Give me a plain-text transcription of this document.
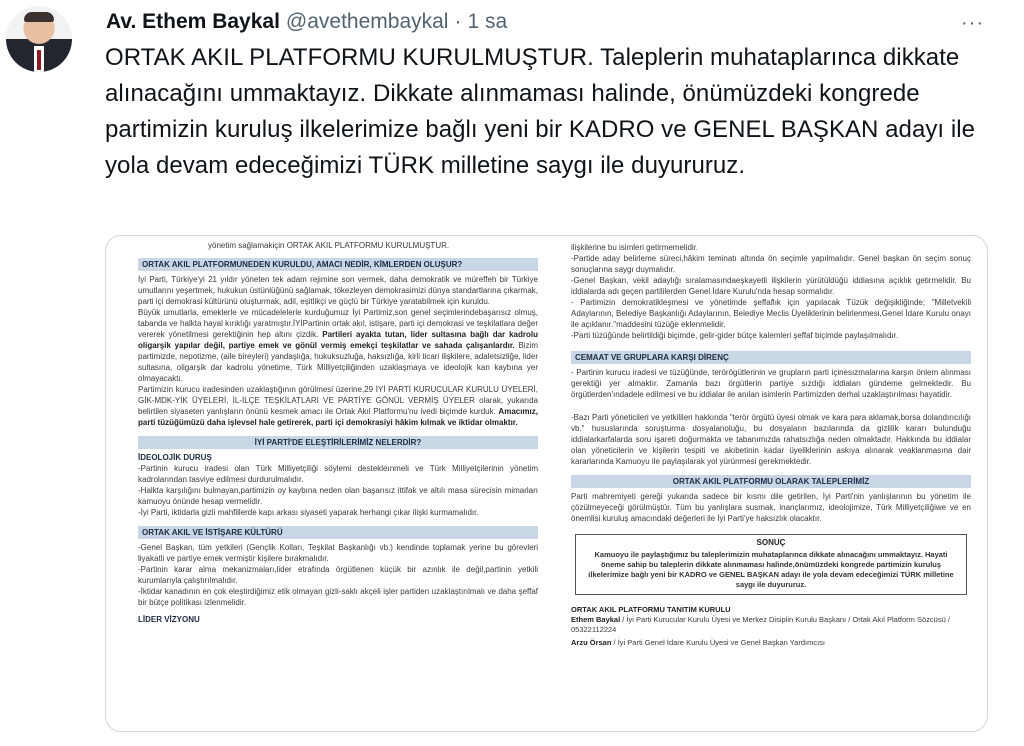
Av. Ethem Baykal @avethembaykal · 1 sa	···
ORTAK AKIL PLATFORMU KURULMUŞTUR. Taleplerin muhataplarınca dikkate alınacağını ummaktayız. Dikkate alınmaması halinde, önümüzdeki kongrede partimizin kuruluş ilkelerimize bağlı yeni bir KADRO ve GENEL BAŞKAN adayı ile yola devam edeceğimizi TÜRK milletine saygı ile duyururuz.

yönetim sağlamakiçin ORTAK AKIL PLATFORMU KURULMUŞTUR.

ORTAK AKIL PLATFORMUNEDEN KURULDU, AMACI NEDİR, KİMLERDEN OLUŞUR?

İyi Parti, Türkiye'yi 21 yıldır yöneten tek adam rejimine son vermek, daha demokratik ve müreffeh bir Türkiye umutlarını yeşertmek, hukukun üstünlüğünü sağlamak, tökezleyen demokrasimizi dünya standartlarına çıkarmak, parti içi demokrasi kültürünü oluşturmak, adil, eşitlikçi ve güçlü bir Türkiye yaratabilmek için kuruldu.

Büyük umutlarla, emeklerle ve mücadelelerle kurduğumuz İyi Partimiz,son genel seçimlerindebaşarısız olmuş, tabanda ve halkta hayal kırıklığı yaratmıştır.İYİPartinin ortak akıl, istişare, parti içi demokrasi ve teşkilatlara değer vererek yönetilmesi gerektiğinin hep altını çizdik. Partileri ayakta tutan, lider sultasına bağlı dar kadrolu oligarşik yapılar değil, partiye emek ve gönül vermiş emekçi teşkilatlar ve sahada çalışanlardır. Bizim partimizde, nepotizme, (aile bireyleri) yandaşlığa, hukuksuzluğa, haksızlığa, kirli ticari ilişkilere, adaletsizliğe, lider sultasına, oligarşik dar kadrolu yönetime, Türk Milliyetçiliğinden uzaklaşmaya ve ideolojik kan kaybına yer olmayacaktı.

Partimizin kurucu iradesinden uzaklaştığının görülmesi üzerine,29 İYİ PARTİ KURUCULAR KURULU ÜYELERİ, GİK-MDK-YİK ÜYELERİ, İL-İLÇE TEŞKİLATLARI VE PARTİYE GÖNÜL VERMİŞ ÜYELER olarak, yukarıda belirtilen siyaseten yanlışların önünü kesmek amacı ile Ortak Akıl Platformu'nu ivedi biçimde kurduk. Amacımız, parti tüzüğümüzü daha işlevsel hale getirerek, parti içi demokrasiyi hâkim kılmak ve iktidar olmaktır.

İYİ PARTİ'DE ELEŞTİRİLERİMİZ NELERDİR?
İDEOLOJİK DURUŞ

-Partinin kurucu iradesi olan Türk Milliyetçiliği söylemi destekleınmeli ve Türk Milliyetçilerinin yönetim kadrolarından tasviye edilmesi durdurulmalıdır.

-Halkta karşılığını bulmayan,partimizin oy kaybına neden olan başarısız ittifak ve altılı masa sürecisin mimarları kamuoyu önünde hesap vermelidir.

-İyi Parti, iktidarla gizli mahfillerde kapı arkası siyaseti yaparak herhangi çıkar ilişki kurmamalıdır.

ORTAK AKIL VE İSTİŞARE KÜLTÜRÜ

-Genel Başkan, tüm yetkileri (Gençlik Kolları, Teşkilat Başkanlığı vb.) kendinde toplamak yerine bu görevleri liyakatli ve partiye emek vermiştir kişilere bırakmalıdır.

-Partinin karar alma mekanizmaları,lider etrafında örgütlenen küçük bir azınlık ile değil,partinin yetkili kurumlarıyla çalıştırılmalıdır.

-İktidar kanadının en çok eleştirdiğimiz etik olmayan gizli-saklı akçeli işler partiden uzaklaştırılmalı ve daha şeffaf bir bütçe politikası izlenmelidir.

LİDER VİZYONU

ilişkilerine bu isimleri getirmemelidir.

-Partide aday belirleme süreci,hâkim teminatı altında ön seçimle yapılmalıdır. Genel başkan ön seçim sonuç sonuçlarına saygı duymalıdır.

-Genel Başkan, vekil adaylığı sıralamasındaeşkayetli ilişkilerin yürütüldüğü iddiasına açıklık getirmelidir. Bu iddialarda adı geçen partililerden Genel İdare Kurulu'nda hesap sormalıdır.

- Partimizin demokratikleşmesi ve yönetimde şeffaflık için yapılacak Tüzük değişikliğinde; "Milletvekili Adaylarının, Belediye Başkanlığı Adaylarının, Belediye Meclis Üyeliklerinin belirlenmesi,Genel İdare Kurulu onayı ile açıklanır."maddesini tüzüğe eklenmelidir.

-Parti tüzüğünde belirtildiği biçimde, gelir-gider bütçe kalemleri şeffaf biçimde paylaşılmalıdır.

CEMAAT VE GRUPLARA KARŞI DİRENÇ

- Partinin kurucu iradesi ve tüzüğünde, terörögütlerinin ve grupların parti içinesızmalarına karşın önlem alınması gerektiği yer almaktır. Zamanla bazı örgütlerin partiye sızdığı iddiaları gündeme gelmektedir. Bu örgütlerden'ındadele edilmesi ve bu iddialar ile anılan isimlerin Partimizden derhal uzaklaştırılması hayatidir.

-Bazı Parti yöneticileri ve yetkilileri hakkında "terör örgütü üyesi olmak ve kara para aklamak,borsa dolandırıcılığı vb." hususlarında soruşturma dosyalanoluğu, bu dosyaların bazılarında da gizlilik kararı bulunduğu iddialarkarfalarda soru işareti doğurmakta ve tabanımızda rahatsızlığa neden olmaktadır. Hakkında bu iddialar olan yöneticilerin ve kişilerin tespiti ve akıbetinin kadar üyeliklerinin askıya alınarak veaklanmasına dair kararlarında Kamuoyu ile paylaşılarak yol yürünmesi gerekmektedir.

ORTAK AKIL PLATFORMU OLARAK TALEPLERİMİZ

Parti mahremiyeti gereği yukarıda sadece bir kısmı dile getirilen, İyi Parti'nin yanlışlarının bu yönetim ile çözülmeyeceği görülmüştür. Tüm bu yanlışlara susmak, inançlarımız, ideolojimize, Türk Milliyetçiliğiwe ve en önemlisi kuruluş amacındaki değerleri ile İyi Parti'ye haksızlık olacaktır.

SONUÇ
Kamuoyu ile paylaştığımız bu taleplerimizin muhataplarınca dikkate alınacağını ummaktayız. Hayati öneme sahip bu taleplerin dikkate alınmaması halinde,önümüzdeki kongrede partimizin kuruluş ilkelerimize bağlı yeni bir KADRO ve GENEL BAŞKAN adayı ile yola devam edeceğimizi TÜRK milletine saygı ile duyururuz.
ORTAK AKIL PLATFORMU TANITIM KURULU

Ethem Baykal / İyi Parti Kurucular Kurulu Üyesi ve Merkez Disiplin Kurulu Başkanı / Ortak Akıl Platform Sözcüsü / 05322112224

Arzu Örsan / İyi Parti Genel İdare Kurulu Üyesi ve Genel Başkan Yardımcısı
